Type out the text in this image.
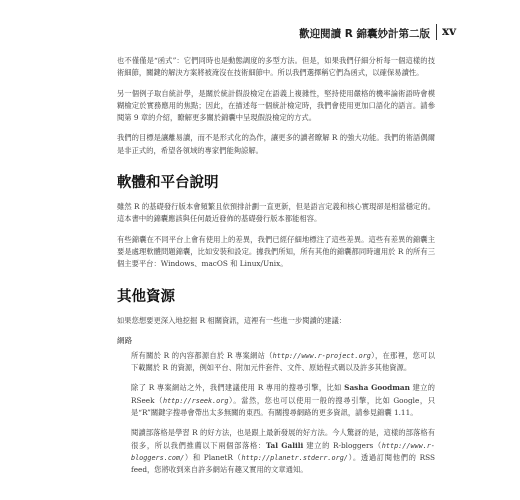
歡迎閱讀 R 錦囊妙計第二版 xv

也不僅僅是“函式”：它們同時也是動態調度的多型方法。但是，如果我們仔細分析每一個這樣的技術細節，關鍵的解決方案將被淹沒在技術細節中。所以我們選擇稱它們為函式，以確保易讀性。

另一個例子取自統計學，是關於統計假設檢定在語義上複雜性，堅持使用嚴格的機率論術語時會模糊檢定於實務應用的焦點；因此，在描述每一個統計檢定時，我們會使用更加口語化的語言。請參閱第 9 章的介紹，瞭解更多關於錦囊中呈現假設檢定的方式。

我們的目標是讓離易讀，而不是形式化的為作，讓更多的讀者瞭解 R 的強大功能。我們的術語偶爾是非正式的，希望各領域的專家們能夠諒解。

軟體和平台說明

雖然 R 的基礎發行版本會頻繁且依預排計劃一直更新，但是語言定義和核心實現卻是相當穩定的。這本書中的錦囊應該與任何最近發佈的基礎發行版本都能相容。

有些錦囊在不同平台上會有使用上的差異，我們已經仔細地標注了這些差異。這些有差異的錦囊主要是處理軟體問題錦囊，比如安裝和設定。據我們所知，所有其他的錦囊都同時適用於 R 的所有三個主要平台：Windows、macOS 和 Linux/Unix。

其他資源

如果您想要更深入地挖掘 R 相關資訊，這裡有一些進一步閱讀的建議：

網路

所有關於 R 的內容都源自於 R 專案網站（http://www.r-project.org），在那裡，您可以下載關於 R 的資源，例如平台、附加元件套件、文件、原始程式碼以及許多其他資源。

除了 R 專案網站之外，我們建議使用 R 專用的搜尋引擎，比如 Sasha Goodman 建立的 RSeek（http://rseek.org）。當然，您也可以使用一般的搜尋引擎，比如 Google，只是“R”關鍵字搜尋會帶出太多無關的東西。有關搜尋網路的更多資訊，請參見錦囊 1.11。

閱讀部落格是學習 R 的好方法，也是跟上最新發展的好方法。今人驚訝的是，這樣的部落格有很多，所以我們推薦以下兩個部落格：Tal Galili 建立的 R-bloggers（http://www.r-bloggers.com/）和 PlanetR（http://planetr.stderr.org/）。透過訂閱他們的 RSS feed，您將收到來自許多網站有趣又實用的文章通知。
